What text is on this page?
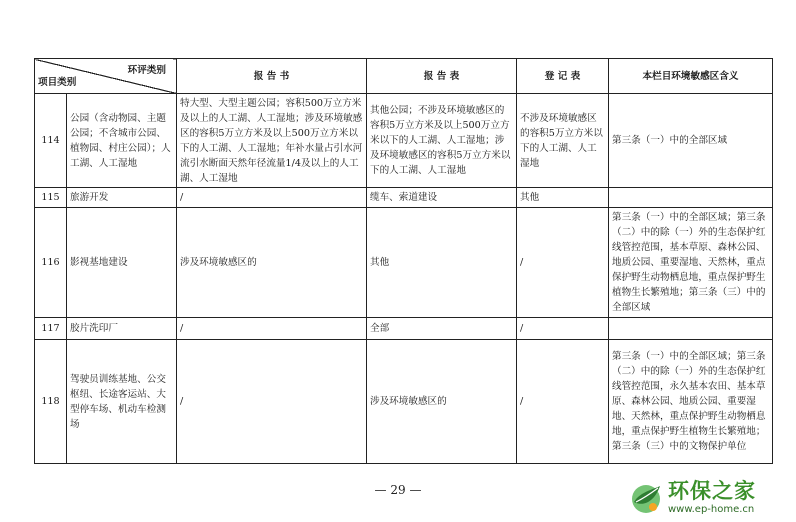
环评类别
项目类别		报 告 书	报 告 表	登 记 表	本栏目环境敏感区含义
114	公园（含动物园、主题公园；不含城市公园、植物园、村庄公园）；人工湖、人工湿地	特大型、大型主题公园；容积500万立方米及以上的人工湖、人工湿地；涉及环境敏感区的容积5万立方米及以上500万立方米以下的人工湖、人工湿地；年补水量占引水河流引水断面天然年径流量1/4及以上的人工湖、人工湿地	其他公园；不涉及环境敏感区的容积5万立方米及以上500万立方米以下的人工湖、人工湿地；涉及环境敏感区的容积5万立方米以下的人工湖、人工湿地	不涉及环境敏感区的容积5万立方米以下的人工湖、人工湿地	第三条（一）中的全部区域
115	旅游开发	/	缆车、索道建设	其他	
116	影视基地建设	涉及环境敏感区的	其他	/	第三条（一）中的全部区域；第三条（二）中的除（一）外的生态保护红线管控范围，基本草原、森林公园、地质公园、重要湿地、天然林，重点保护野生动物栖息地，重点保护野生植物生长繁殖地；第三条（三）中的全部区域
117	胶片洗印厂	/	全部	/	
118	驾驶员训练基地、公交枢纽、长途客运站、大型停车场、机动车检测场	/	涉及环境敏感区的	/	第三条（一）中的全部区域；第三条（二）中的除（一）外的生态保护红线管控范围，永久基本农田、基本草原、森林公园、地质公园、重要湿地、天然林，重点保护野生动物栖息地，重点保护野生植物生长繁殖地；第三条（三）中的文物保护单位
— 29 —	环保之家
www.ep-home.cn
